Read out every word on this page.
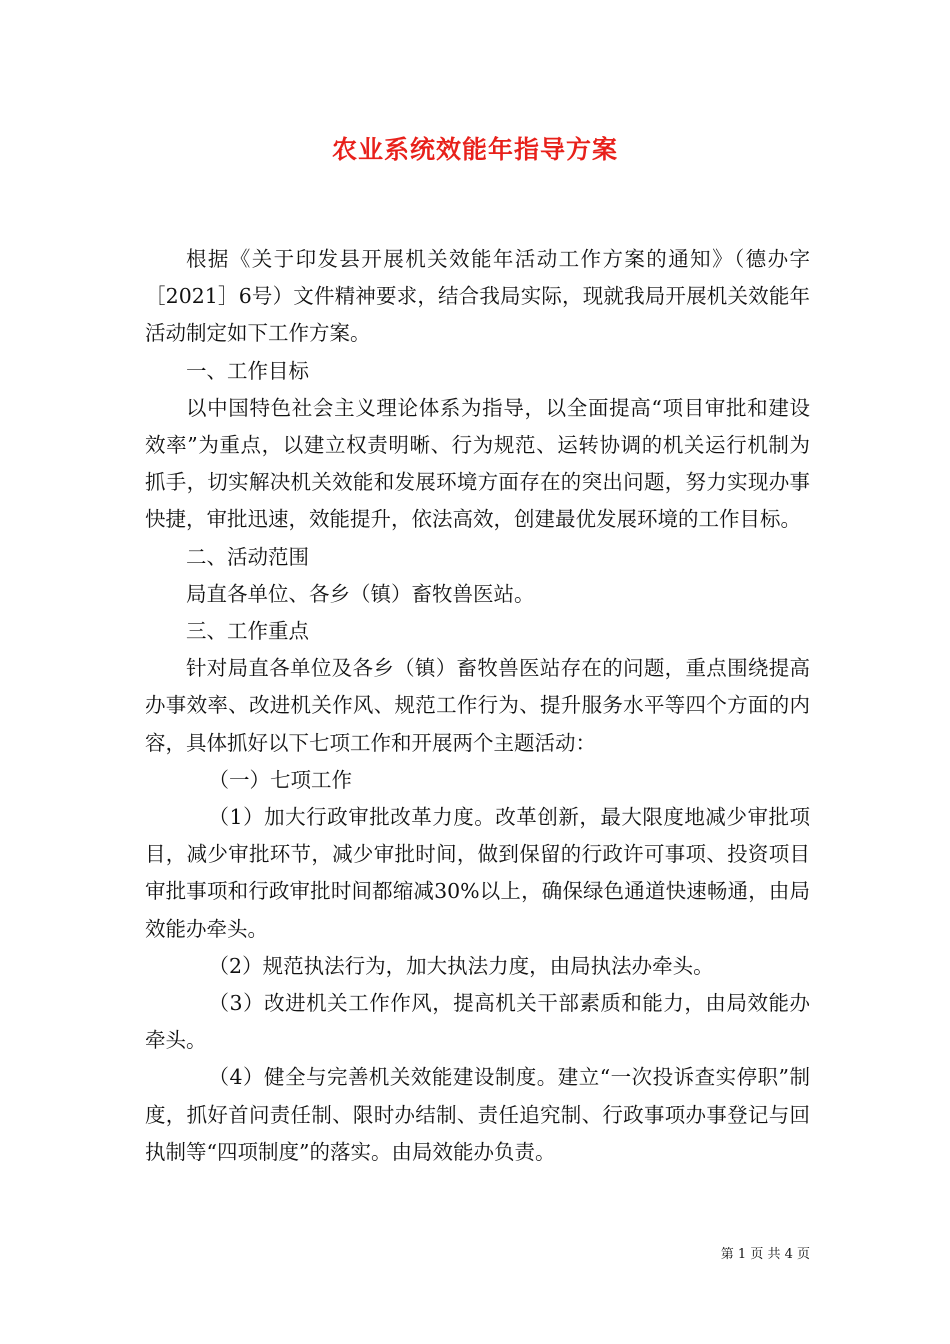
农业系统效能年指导方案

根据《关于印发县开展机关效能年活动工作方案的通知》（德办字［2021］6号）文件精神要求，结合我局实际，现就我局开展机关效能年活动制定如下工作方案。

一、工作目标

以中国特色社会主义理论体系为指导，以全面提高“项目审批和建设效率”为重点，以建立权责明晰、行为规范、运转协调的机关运行机制为抓手，切实解决机关效能和发展环境方面存在的突出问题，努力实现办事快捷，审批迅速，效能提升，依法高效，创建最优发展环境的工作目标。

二、活动范围

局直各单位、各乡（镇）畜牧兽医站。

三、工作重点

针对局直各单位及各乡（镇）畜牧兽医站存在的问题，重点围绕提高办事效率、改进机关作风、规范工作行为、提升服务水平等四个方面的内容，具体抓好以下七项工作和开展两个主题活动：

（一）七项工作

（1）加大行政审批改革力度。改革创新，最大限度地减少审批项目，减少审批环节，减少审批时间，做到保留的行政许可事项、投资项目审批事项和行政审批时间都缩减30%以上，确保绿色通道快速畅通，由局效能办牵头。

（2）规范执法行为，加大执法力度，由局执法办牵头。

（3）改进机关工作作风，提高机关干部素质和能力，由局效能办牵头。

（4）健全与完善机关效能建设制度。建立“一次投诉查实停职”制度，抓好首问责任制、限时办结制、责任追究制、行政事项办事登记与回执制等“四项制度”的落实。由局效能办负责。

第 1 页 共 4 页
